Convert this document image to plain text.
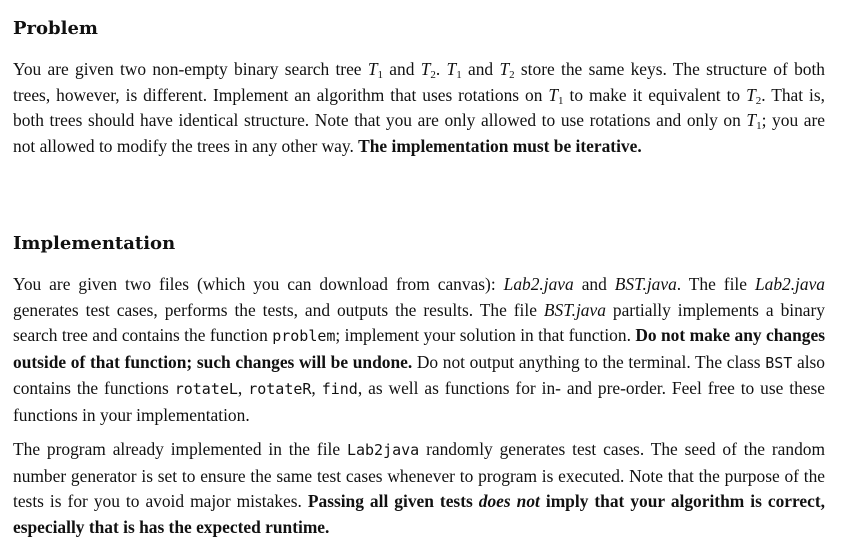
Problem

You are given two non-empty binary search tree $T_1$ and $T_2$. $T_1$ and $T_2$ store the same keys. The structure of both trees, however, is different. Implement an algorithm that uses rotations on $T_1$ to make it equivalent to $T_2$. That is, both trees should have identical structure. Note that you are only allowed to use rotations and only on $T_1$; you are not allowed to modify the trees in any other way. The implementation must be iterative.

Implementation

You are given two files (which you can download from canvas): Lab2.java and BST.java. The file Lab2.java generates test cases, performs the tests, and outputs the results. The file BST.java partially implements a binary search tree and contains the function problem; implement your solution in that function. Do not make any changes outside of that function; such changes will be undone. Do not output anything to the terminal. The class BST also contains the functions rotateL, rotateR, find, as well as functions for in- and pre-order. Feel free to use these functions in your implementation.

The program already implemented in the file Lab2java randomly generates test cases. The seed of the random number generator is set to ensure the same test cases whenever to program is executed. Note that the purpose of the tests is for you to avoid major mistakes. Passing all given tests does not imply that your algorithm is correct, especially that is has the expected runtime.
